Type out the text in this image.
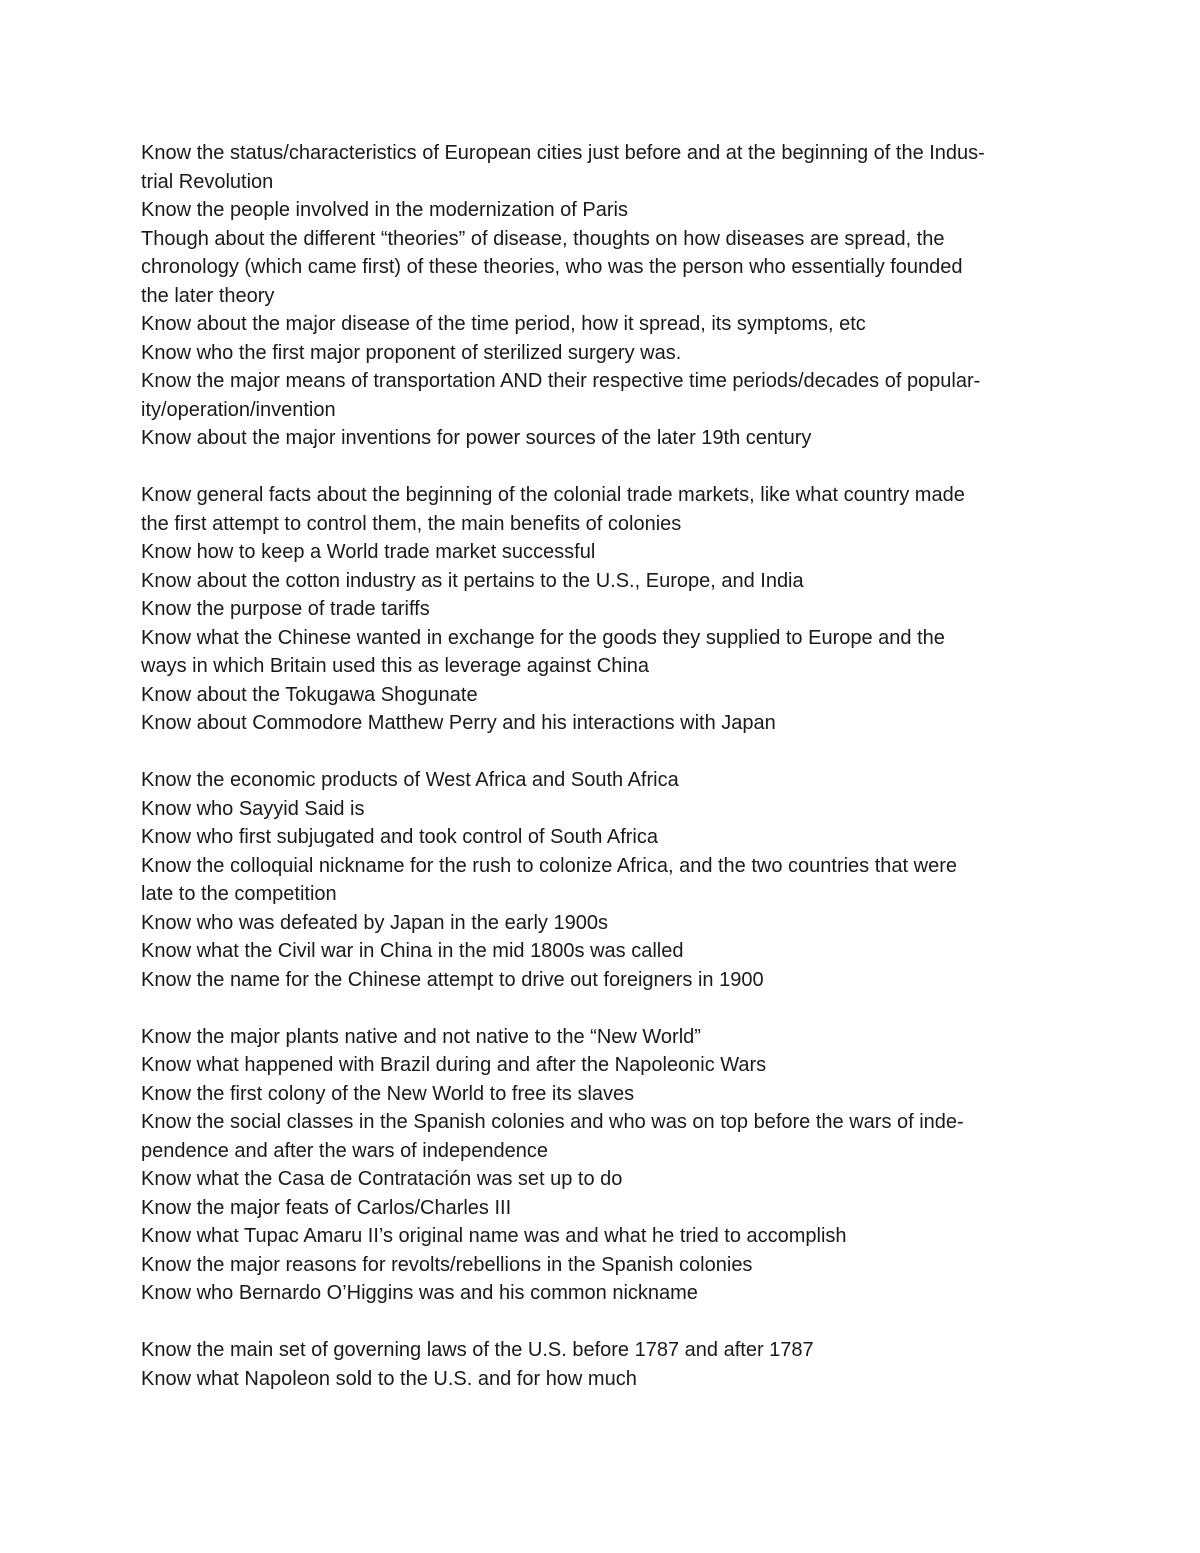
Know the status/characteristics of European cities just before and at the beginning of the Indus-
trial Revolution
Know the people involved in the modernization of Paris
Though about the different “theories” of disease, thoughts on how diseases are spread, the
chronology (which came first) of these theories, who was the person who essentially founded
the later theory
Know about the major disease of the time period, how it spread, its symptoms, etc
Know who the first major proponent of sterilized surgery was.
Know the major means of transportation AND their respective time periods/decades of popular-
ity/operation/invention
Know about the major inventions for power sources of the later 19th century
Know general facts about the beginning of the colonial trade markets, like what country made
the first attempt to control them, the main benefits of colonies
Know how to keep a World trade market successful
Know about the cotton industry as it pertains to the U.S., Europe, and India
Know the purpose of trade tariffs
Know what the Chinese wanted in exchange for the goods they supplied to Europe and the
ways in which Britain used this as leverage against China
Know about the Tokugawa Shogunate
Know about Commodore Matthew Perry and his interactions with Japan
Know the economic products of West Africa and South Africa
Know who Sayyid Said is
Know who first subjugated and took control of South Africa
Know the colloquial nickname for the rush to colonize Africa, and the two countries that were
late to the competition
Know who was defeated by Japan in the early 1900s
Know what the Civil war in China in the mid 1800s was called
Know the name for the Chinese attempt to drive out foreigners in 1900
Know the major plants native and not native to the “New World”
Know what happened with Brazil during and after the Napoleonic Wars
Know the first colony of the New World to free its slaves
Know the social classes in the Spanish colonies and who was on top before the wars of inde-
pendence and after the wars of independence
Know what the Casa de Contratación was set up to do
Know the major feats of Carlos/Charles III
Know what Tupac Amaru II’s original name was and what he tried to accomplish
Know the major reasons for revolts/rebellions in the Spanish colonies
Know who Bernardo O’Higgins was and his common nickname
Know the main set of governing laws of the U.S. before 1787 and after 1787
Know what Napoleon sold to the U.S. and for how much
